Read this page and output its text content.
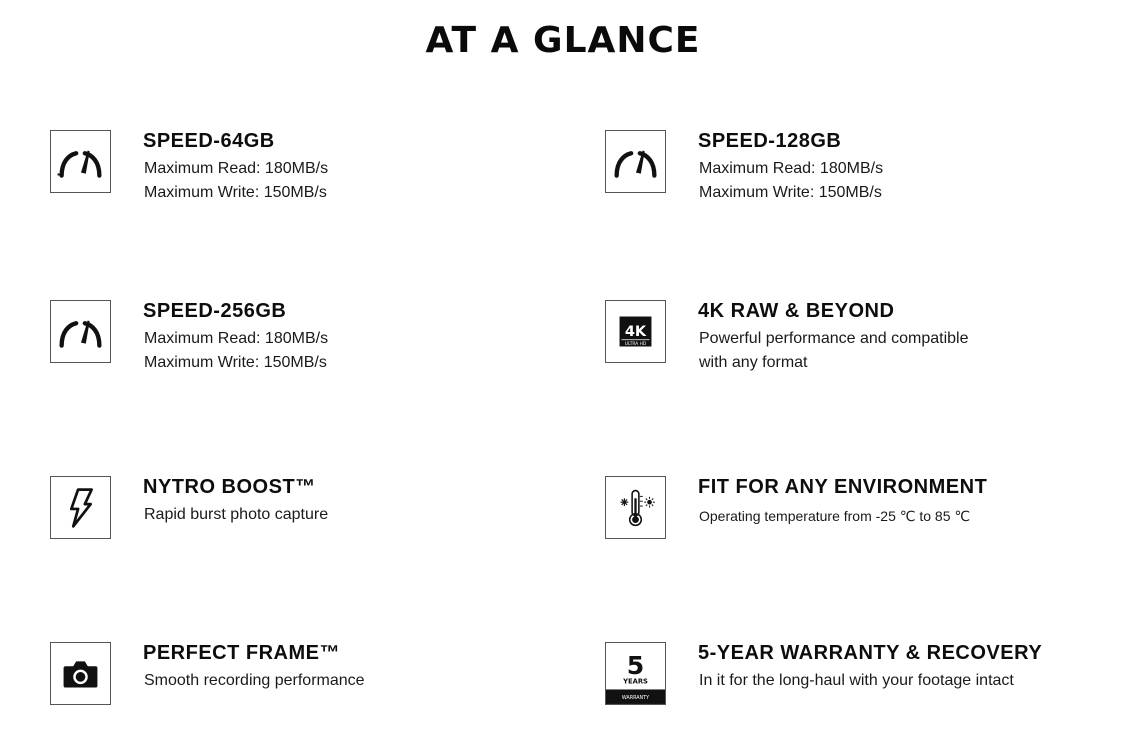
AT A GLANCE
SPEED-64GB
Maximum Read: 180MB/s
Maximum Write: 150MB/s
SPEED-128GB
Maximum Read: 180MB/s
Maximum Write: 150MB/s
SPEED-256GB
Maximum Read: 180MB/s
Maximum Write: 150MB/s
4K
ULTRA HD
4K RAW & BEYOND
Powerful performance and compatible
with any format
NYTRO BOOST™
Rapid burst photo capture
FIT FOR ANY ENVIRONMENT
Operating temperature from -25 ℃ to 85 ℃
PERFECT FRAME™
Smooth recording performance
5
YEARS
WARRANTY
5-YEAR WARRANTY & RECOVERY
In it for the long-haul with your footage intact
